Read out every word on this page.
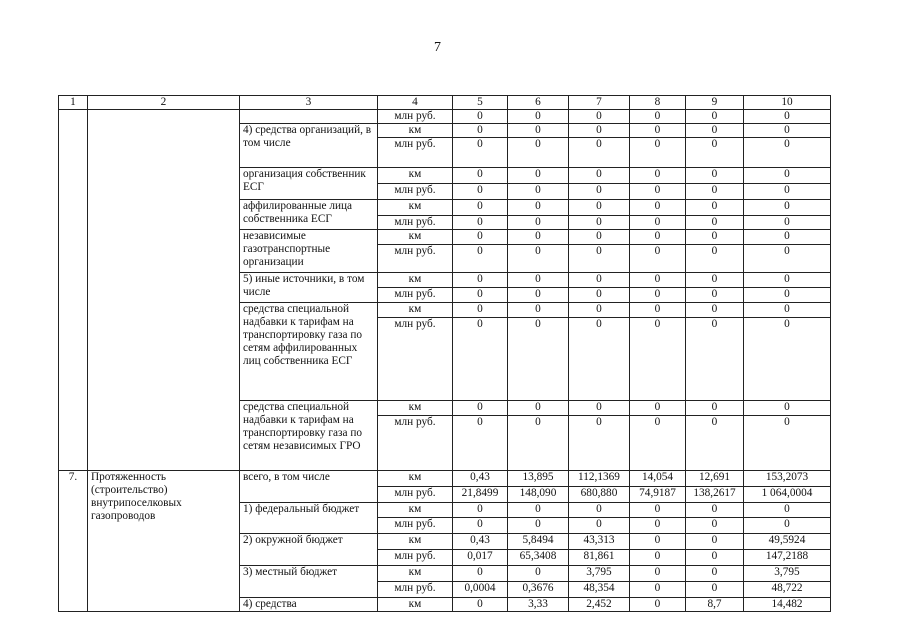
7
1	2	3	4	5	6	7	8	9	10
			млн руб.	0	0	0	0	0	0
		4) средства организаций, в том числе	км	0	0	0	0	0	0
			млн руб.	0	0	0	0	0	0
		организация собственник ЕСГ	км	0	0	0	0	0	0
			млн руб.	0	0	0	0	0	0
		аффилированные лица собственника ЕСГ	км	0	0	0	0	0	0
			млн руб.	0	0	0	0	0	0
		независимые газотранспортные организации	км	0	0	0	0	0	0
			млн руб.	0	0	0	0	0	0
		5) иные источники, в том числе	км	0	0	0	0	0	0
			млн руб.	0	0	0	0	0	0
		средства специальной надбавки к тарифам на транспортировку газа по сетям аффилированных лиц собственника ЕСГ	км	0	0	0	0	0	0
			млн руб.	0	0	0	0	0	0
		средства специальной надбавки к тарифам на транспортировку газа по сетям независимых ГРО	км	0	0	0	0	0	0
			млн руб.	0	0	0	0	0	0
7.	Протяженность (строительство) внутрипоселковых газопроводов	всего, в том числе	км	0,43	13,895	112,1369	14,054	12,691	153,2073
			млн руб.	21,8499	148,090	680,880	74,9187	138,2617	1 064,0004
		1) федеральный бюджет	км	0	0	0	0	0	0
			млн руб.	0	0	0	0	0	0
		2) окружной бюджет	км	0,43	5,8494	43,313	0	0	49,5924
			млн руб.	0,017	65,3408	81,861	0	0	147,2188
		3) местный бюджет	км	0	0	3,795	0	0	3,795
			млн руб.	0,0004	0,3676	48,354	0	0	48,722
		4) средства	км	0	3,33	2,452	0	8,7	14,482
